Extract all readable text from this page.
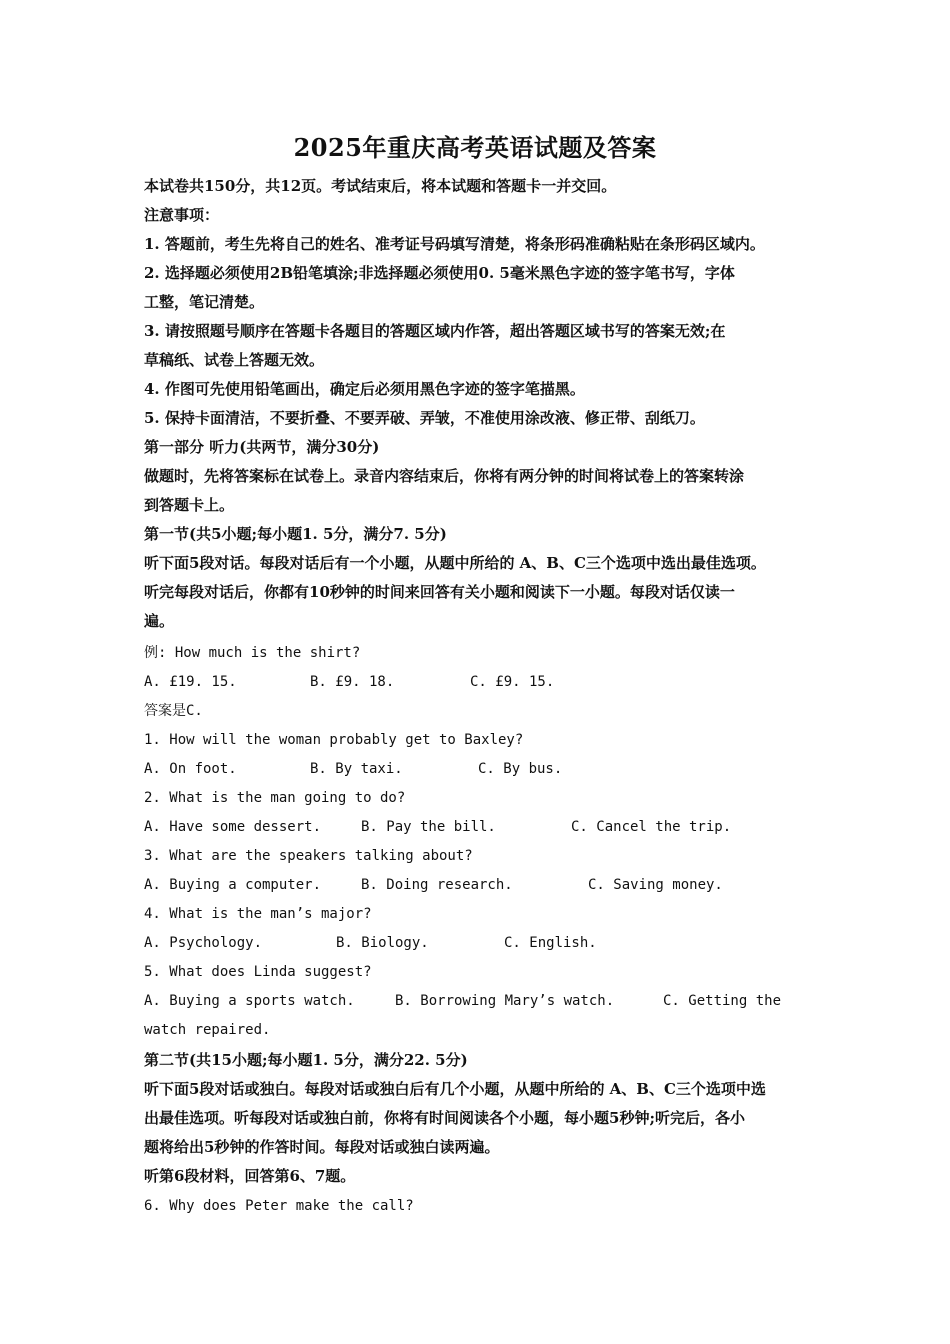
2025年重庆高考英语试题及答案
本试卷共150分，共12页。考试结束后，将本试题和答题卡一并交回。
注意事项：
1. 答题前，考生先将自己的姓名、准考证号码填写清楚，将条形码准确粘贴在条形码区域内。
2. 选择题必须使用2B铅笔填涂;非选择题必须使用0. 5毫米黑色字迹的签字笔书写，字体
工整，笔记清楚。
3. 请按照题号顺序在答题卡各题目的答题区域内作答，超出答题区域书写的答案无效;在
草稿纸、试卷上答题无效。
4. 作图可先使用铅笔画出，确定后必须用黑色字迹的签字笔描黑。
5. 保持卡面清洁，不要折叠、不要弄破、弄皱，不准使用涂改液、修正带、刮纸刀。
第一部分 听力(共两节，满分30分)
做题时，先将答案标在试卷上。录音内容结束后，你将有两分钟的时间将试卷上的答案转涂
到答题卡上。
第一节(共5小题;每小题1. 5分，满分7. 5分)
听下面5段对话。每段对话后有一个小题，从题中所给的 A、B、C三个选项中选出最佳选项。
听完每段对话后，你都有10秒钟的时间来回答有关小题和阅读下一小题。每段对话仅读一
遍。
例: How much is the shirt?
A. £19. 15.	B. £9. 18.	C. £9. 15.
答案是C.
1. How will the woman probably get to Baxley?
A. On foot.	B. By taxi.	C. By bus.
2. What is the man going to do?
A. Have some dessert.	B. Pay the bill.	C. Cancel the trip.
3. What are the speakers talking about?
A. Buying a computer.	B. Doing research.	C. Saving money.
4. What is the man’s major?
A. Psychology.	B. Biology.	C. English.
5. What does Linda suggest?
A. Buying a sports watch.	B. Borrowing Mary’s watch.	C. Getting the
watch repaired.
第二节(共15小题;每小题1. 5分，满分22. 5分)
听下面5段对话或独白。每段对话或独白后有几个小题，从题中所给的 A、B、C三个选项中选
出最佳选项。听每段对话或独白前，你将有时间阅读各个小题，每小题5秒钟;听完后，各小
题将给出5秒钟的作答时间。每段对话或独白读两遍。
听第6段材料，回答第6、7题。
6. Why does Peter make the call?
